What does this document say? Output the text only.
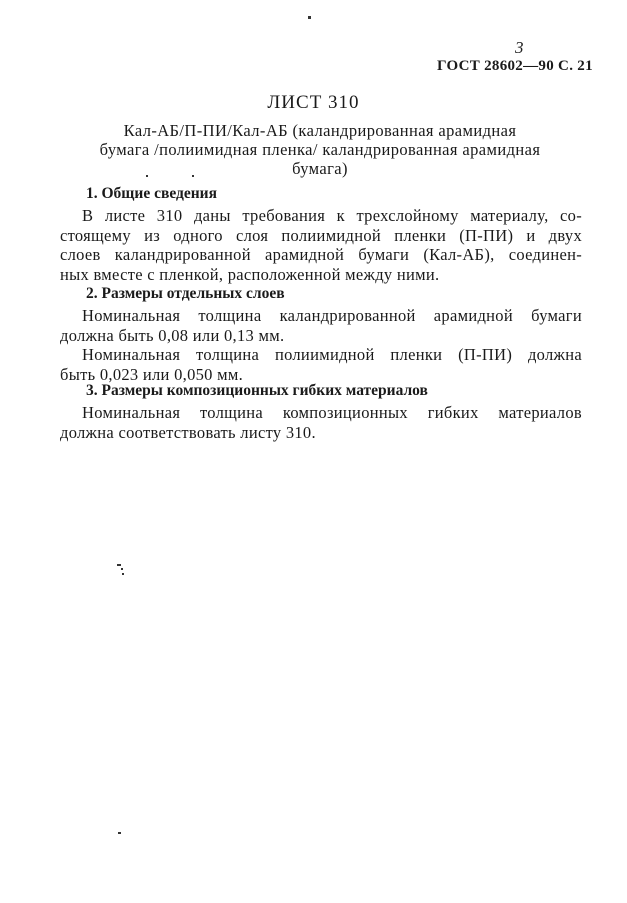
3
ГОСТ 28602—90 С. 21
ЛИСТ 310
Кал-АБ/П-ПИ/Кал-АБ (каландрированная арамидная
бумага /полиимидная пленка/ каландрированная арамидная
бумага)
1. Общие сведения
В листе 310 даны требования к трехслойному материалу, со-
стоящему из одного слоя полиимидной пленки (П-ПИ) и двух
слоев каландрированной арамидной бумаги (Кал-АБ), соединен-
ных вместе с пленкой, расположенной между ними.
2. Размеры отдельных слоев
Номинальная толщина каландрированной арамидной бумаги
должна быть 0,08 или 0,13 мм.
Номинальная толщина полиимидной пленки (П-ПИ) должна
быть 0,023 или 0,050 мм.
3. Размеры композиционных гибких материалов
Номинальная толщина композиционных гибких материалов
должна соответствовать листу 310.
